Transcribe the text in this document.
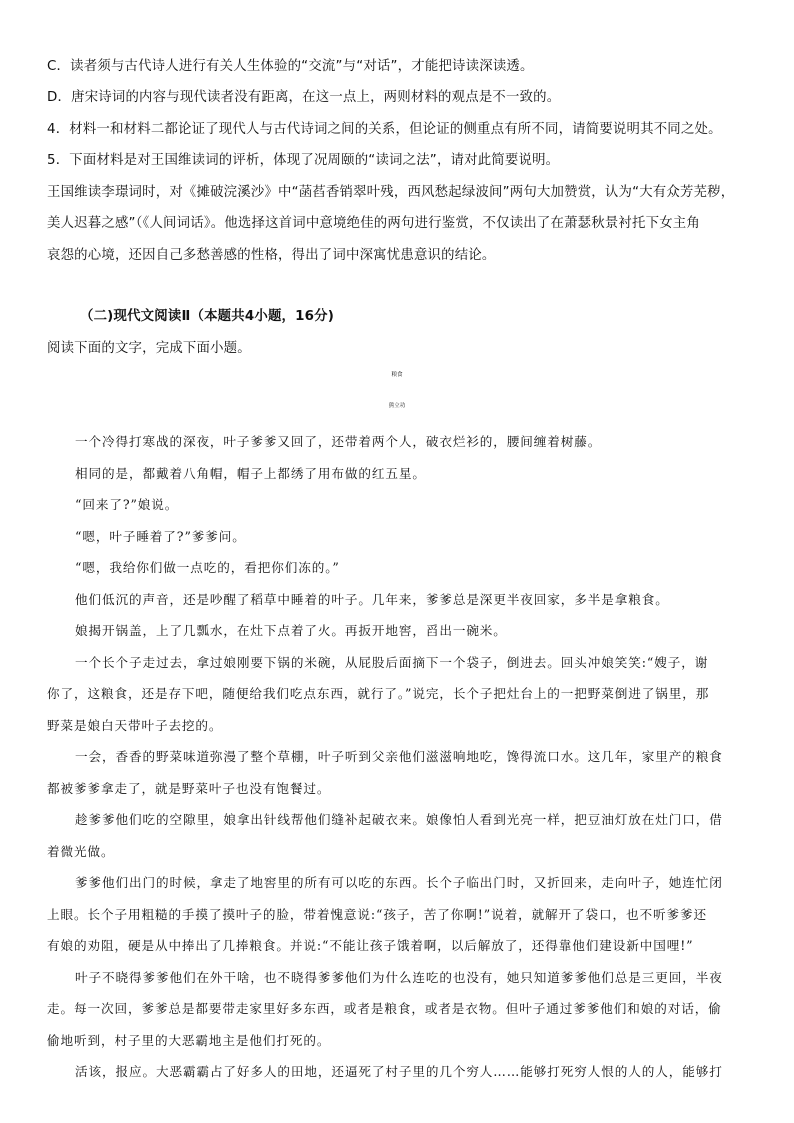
C．读者须与古代诗人进行有关人生体验的“交流”与“对话”，才能把诗读深读透。
D．唐宋诗词的内容与现代读者没有距离，在这一点上，两则材料的观点是不一致的。
4．材料一和材料二都论证了现代人与古代诗词之间的关系，但论证的侧重点有所不同，请简要说明其不同之处。
5．下面材料是对王国维读词的评析，体现了况周颐的“读词之法”，请对此简要说明。
王国维读李璟词时，对《摊破浣溪沙》中“菡萏香销翠叶残，西风愁起绿波间”两句大加赞赏，认为“大有众芳芜秽，
美人迟暮之感”（《人间词话》。他选择这首词中意境绝佳的两句进行鉴赏，不仅读出了在萧瑟秋景衬托下女主角
哀怨的心境，还因自己多愁善感的性格，得出了词中深寓忧患意识的结论。
（二)现代文阅读Ⅱ（本题共4小题，16分)
阅读下面的文字，完成下面小题。
粮食
熊立功
一个冷得打寒战的深夜，叶子爹爹又回了，还带着两个人，破衣烂衫的，腰间缠着树藤。
相同的是，都戴着八角帽，帽子上都绣了用布做的红五星。
“回来了?”娘说。
“嗯，叶子睡着了?”爹爹问。
“嗯，我给你们做一点吃的，看把你们冻的。”
他们低沉的声音，还是吵醒了稻草中睡着的叶子。几年来，爹爹总是深更半夜回家，多半是拿粮食。
娘揭开锅盖，上了几瓢水，在灶下点着了火。再扳开地窖，舀出一碗米。
一个长个子走过去，拿过娘刚要下锅的米碗，从屁股后面摘下一个袋子，倒进去。回头冲娘笑笑:“嫂子，谢
你了，这粮食，还是存下吧，随便给我们吃点东西，就行了。”说完，长个子把灶台上的一把野菜倒进了锅里，那
野菜是娘白天带叶子去挖的。
一会，香香的野菜味道弥漫了整个草棚，叶子听到父亲他们滋滋响地吃，馋得流口水。这几年，家里产的粮食
都被爹爹拿走了，就是野菜叶子也没有饱餐过。
趁爹爹他们吃的空隙里，娘拿出针线帮他们缝补起破衣来。娘像怕人看到光亮一样，把豆油灯放在灶门口，借
着微光做。
爹爹他们出门的时候，拿走了地窖里的所有可以吃的东西。长个子临出门时，又折回来，走向叶子，她连忙闭
上眼。长个子用粗糙的手摸了摸叶子的脸，带着愧意说:“孩子，苦了你啊!”说着，就解开了袋口，也不听爹爹还
有娘的劝阻，硬是从中捧出了几捧粮食。并说:“不能让孩子饿着啊，以后解放了，还得靠他们建设新中国哩!”
叶子不晓得爹爹他们在外干啥，也不晓得爹爹他们为什么连吃的也没有，她只知道爹爹他们总是三更回，半夜
走。每一次回，爹爹总是都要带走家里好多东西，或者是粮食，或者是衣物。但叶子通过爹爹他们和娘的对话，偷
偷地听到，村子里的大恶霸地主是他们打死的。
活该，报应。大恶霸霸占了好多人的田地，还逼死了村子里的几个穷人……能够打死穷人恨的人的人，能够打
